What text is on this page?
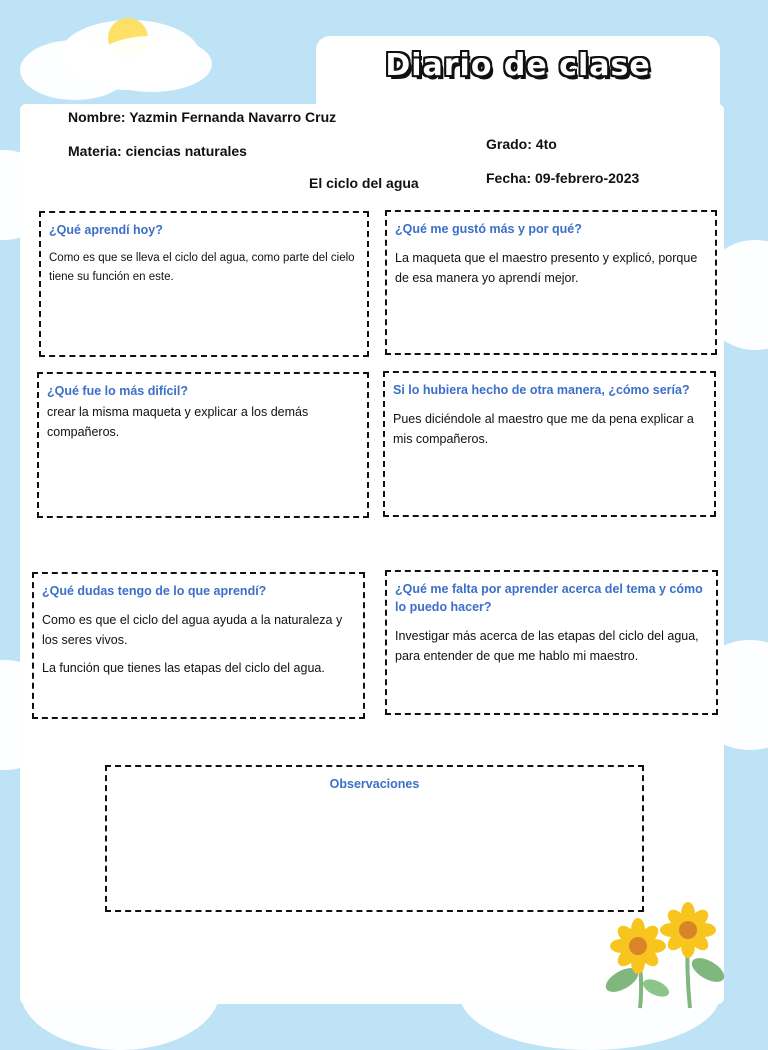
Diario de clase
Nombre: Yazmin Fernanda Navarro Cruz
Materia: ciencias naturales	Grado: 4to
El ciclo del agua	Fecha: 09-febrero-2023

¿Qué aprendí hoy?

Como es que se lleva el ciclo del agua, como parte del cielo tiene su función en este.

¿Qué me gustó más y por qué?

La maqueta que el maestro presento y explicó, porque de esa manera yo aprendí mejor.

¿Qué fue lo más difícil?

crear la misma maqueta y explicar a los demás compañeros.

Si lo hubiera hecho de otra manera, ¿cómo sería?

Pues diciéndole al maestro que me da pena explicar a mis compañeros.

¿Qué dudas tengo de lo que aprendí?

Como es que el ciclo del agua ayuda a la naturaleza y los seres vivos.

La función que tienes las etapas del ciclo del agua.

¿Qué me falta por aprender acerca del tema y cómo lo puedo hacer?

Investigar más acerca de las etapas del ciclo del agua, para entender de que me hablo mi maestro.

Observaciones

lertler.studio
